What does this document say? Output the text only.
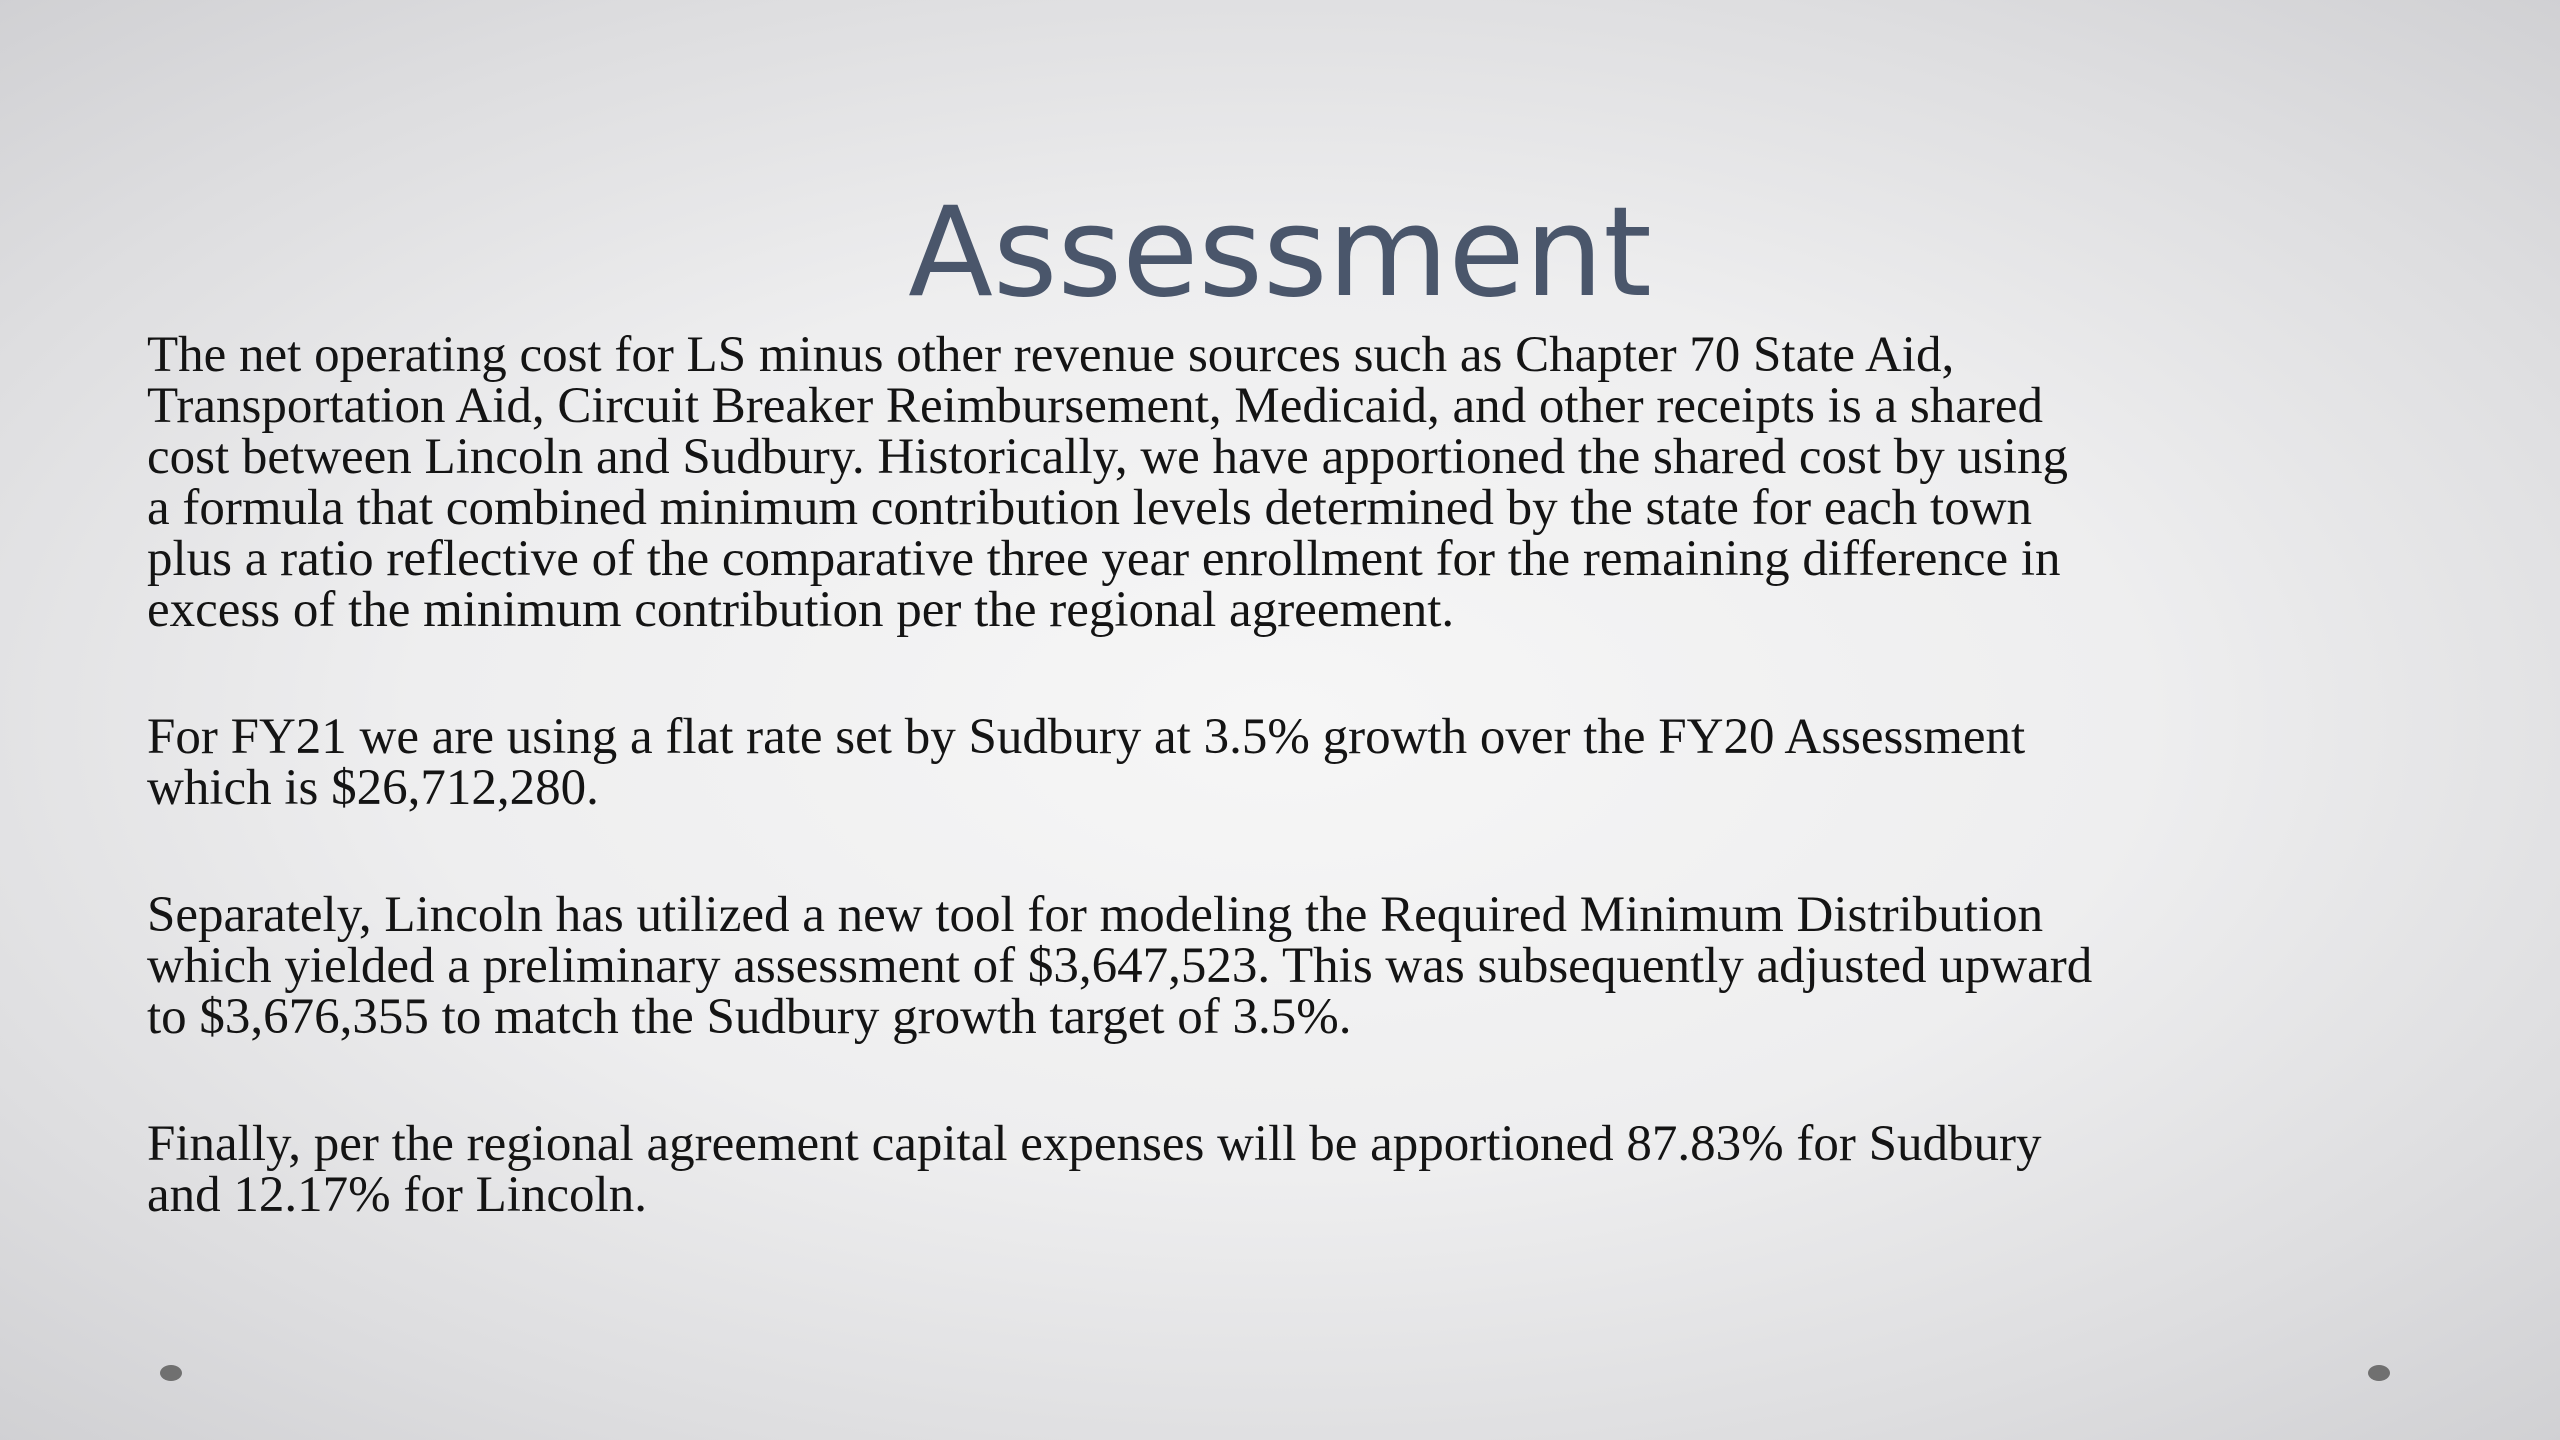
Assessment

The net operating cost for LS minus other revenue sources such as Chapter 70 State Aid,
Transportation Aid, Circuit Breaker Reimbursement, Medicaid, and other receipts is a shared
cost between Lincoln and Sudbury. Historically, we have apportioned the shared cost by using
a formula that combined minimum contribution levels determined by the state for each town
plus a ratio reflective of the comparative three year enrollment for the remaining difference in
excess of the minimum contribution per the regional agreement.

For FY21 we are using a flat rate set by Sudbury at 3.5% growth over the FY20 Assessment
which is $26,712,280.

Separately, Lincoln has utilized a new tool for modeling the Required Minimum Distribution
which yielded a preliminary assessment of $3,647,523. This was subsequently adjusted upward
to $3,676,355 to match the Sudbury growth target of 3.5%.

Finally, per the regional agreement capital expenses will be apportioned 87.83% for Sudbury
and 12.17% for Lincoln.
